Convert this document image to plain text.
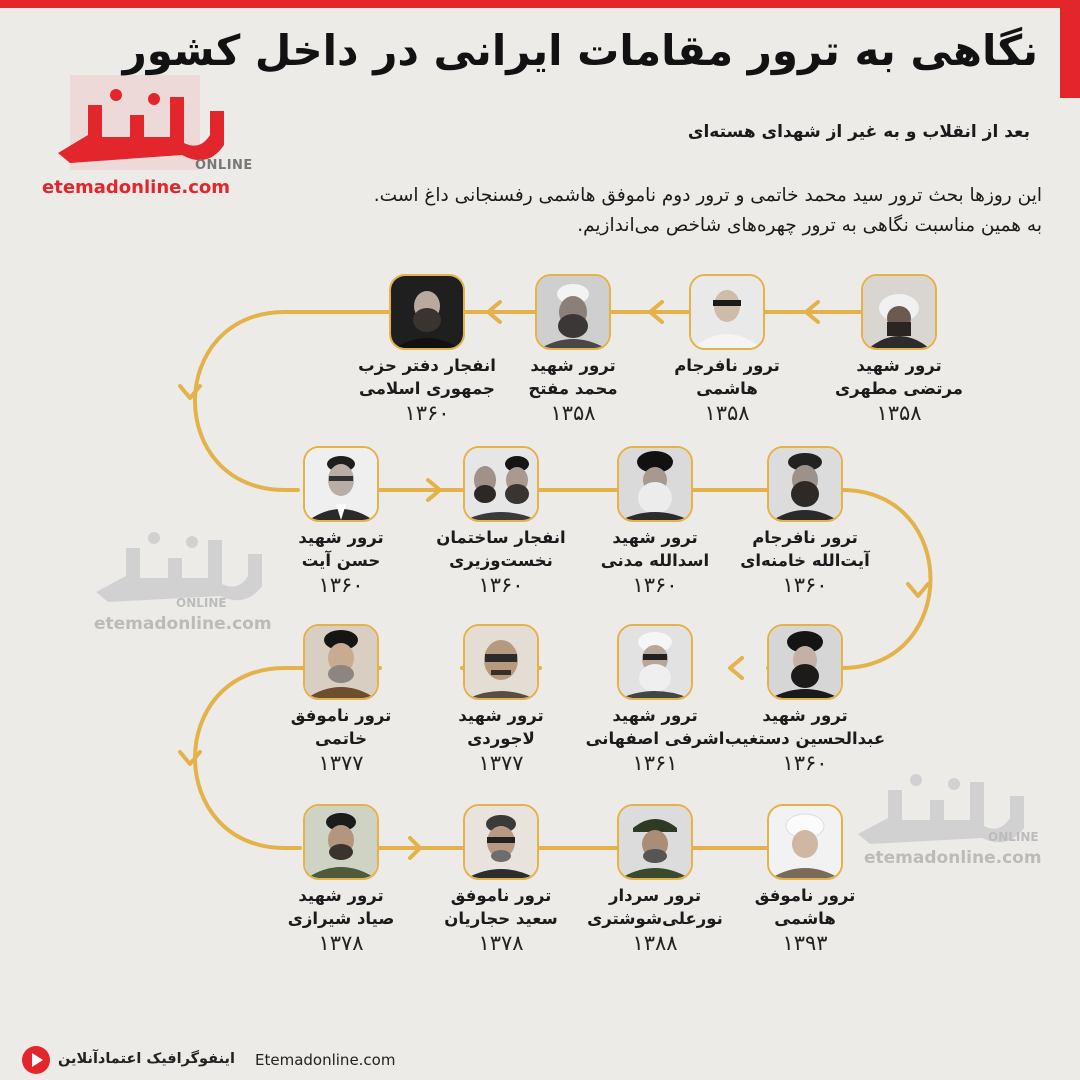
ONLINE
etemadonline.com
ONLINE
etemadonline.com
ONLINE
etemadonline.com
نگاهی به ترور مقامات ایرانی در داخل کشور
بعد از انقلاب و به غیر از شهدای هسته‌ای
این روزها بحث ترور سید محمد خاتمی و ترور دوم ناموفق هاشمی رفسنجانی داغ است.
به همین مناسبت نگاهی به ترور چهره‌های شاخص می‌اندازیم.
ترور شهید
مرتضی مطهری
۱۳۵۸
ترور نافرجام
هاشمی
۱۳۵۸
ترور شهید
محمد مفتح
۱۳۵۸
انفجار دفتر حزب
جمهوری اسلامی
۱۳۶۰
ترور نافرجام
آیت‌الله خامنه‌ای
۱۳۶۰
ترور شهید
اسدالله مدنی
۱۳۶۰
انفجار ساختمان
نخست‌وزیری
۱۳۶۰
ترور شهید
حسن آیت
۱۳۶۰
ترور شهید
عبدالحسین دستغیب
۱۳۶۰
ترور شهید
اشرفی اصفهانی
۱۳۶۱
ترور شهید
لاجوردی
۱۳۷۷
ترور ناموفق
خاتمی
۱۳۷۷
ترور ناموفق
هاشمی
۱۳۹۳
ترور سردار
نورعلی‌شوشتری
۱۳۸۸
ترور ناموفق
سعید حجاریان
۱۳۷۸
ترور شهید
صیاد شیرازی
۱۳۷۸
اینفوگرافیک اعتمادآنلاین Etemadonline.com
